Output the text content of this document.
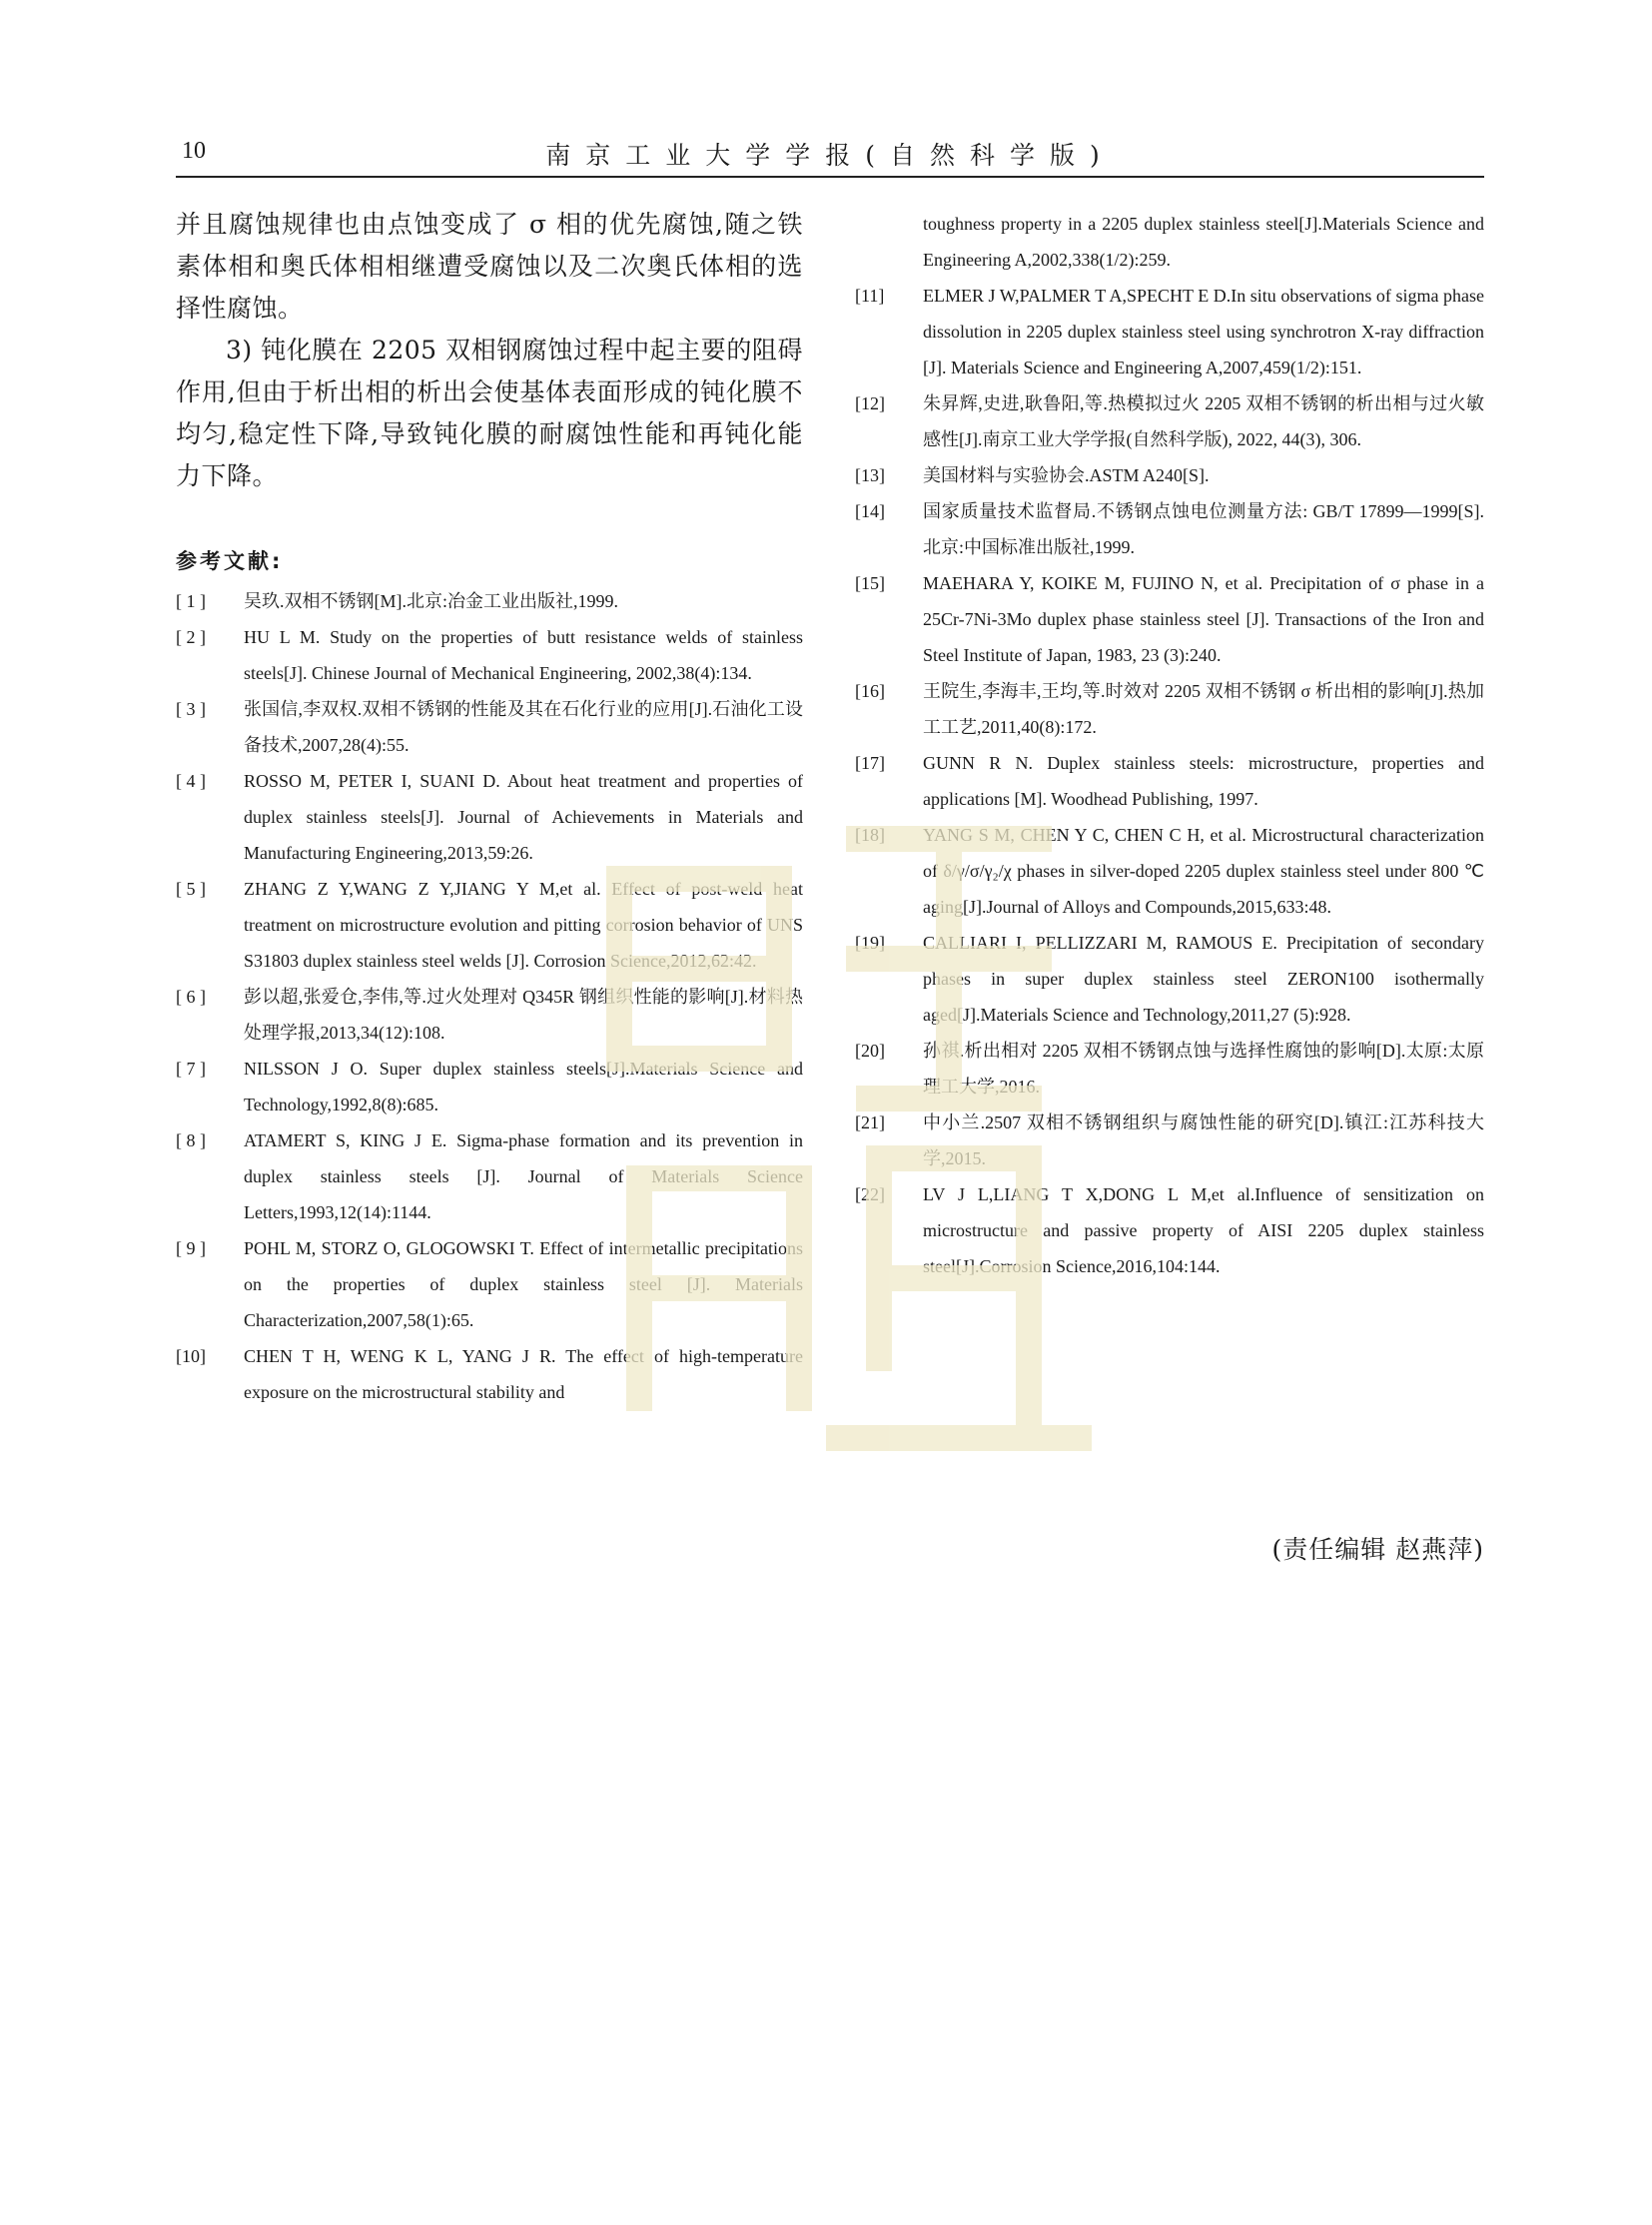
10	南京工业大学学报(自然科学版)

并且腐蚀规律也由点蚀变成了 σ 相的优先腐蚀,随之铁素体相和奥氏体相相继遭受腐蚀以及二次奥氏体相的选择性腐蚀。

3) 钝化膜在 2205 双相钢腐蚀过程中起主要的阻碍作用,但由于析出相的析出会使基体表面形成的钝化膜不均匀,稳定性下降,导致钝化膜的耐腐蚀性能和再钝化能力下降。

参考文献:
[ 1 ]	吴玖.双相不锈钢[M].北京:冶金工业出版社,1999.
[ 2 ]	HU L M. Study on the properties of butt resistance welds of stainless steels[J]. Chinese Journal of Mechanical Engineering, 2002,38(4):134.
[ 3 ]	张国信,李双权.双相不锈钢的性能及其在石化行业的应用[J].石油化工设备技术,2007,28(4):55.
[ 4 ]	ROSSO M, PETER I, SUANI D. About heat treatment and properties of duplex stainless steels[J]. Journal of Achievements in Materials and Manufacturing Engineering,2013,59:26.
[ 5 ]	ZHANG Z Y,WANG Z Y,JIANG Y M,et al. Effect of post-weld heat treatment on microstructure evolution and pitting corrosion behavior of UNS S31803 duplex stainless steel welds [J]. Corrosion Science,2012,62:42.
[ 6 ]	彭以超,张爱仓,李伟,等.过火处理对 Q345R 钢组织性能的影响[J].材料热处理学报,2013,34(12):108.
[ 7 ]	NILSSON J O. Super duplex stainless steels[J].Materials Science and Technology,1992,8(8):685.
[ 8 ]	ATAMERT S, KING J E. Sigma-phase formation and its prevention in duplex stainless steels [J]. Journal of Materials Science Letters,1993,12(14):1144.
[ 9 ]	POHL M, STORZ O, GLOGOWSKI T. Effect of intermetallic precipitations on the properties of duplex stainless steel [J]. Materials Characterization,2007,58(1):65.
[10]	CHEN T H, WENG K L, YANG J R. The effect of high-temperature exposure on the microstructural stability and
toughness property in a 2205 duplex stainless steel[J].Materials Science and Engineering A,2002,338(1/2):259.
[11]	ELMER J W,PALMER T A,SPECHT E D.In situ observations of sigma phase dissolution in 2205 duplex stainless steel using synchrotron X-ray diffraction [J]. Materials Science and Engineering A,2007,459(1/2):151.
[12]	朱昇辉,史进,耿鲁阳,等.热模拟过火 2205 双相不锈钢的析出相与过火敏感性[J].南京工业大学学报(自然科学版), 2022, 44(3), 306.
[13]	美国材料与实验协会.ASTM A240[S].
[14]	国家质量技术监督局.不锈钢点蚀电位测量方法: GB/T 17899—1999[S].北京:中国标准出版社,1999.
[15]	MAEHARA Y, KOIKE M, FUJINO N, et al. Precipitation of σ phase in a 25Cr-7Ni-3Mo duplex phase stainless steel [J]. Transactions of the Iron and Steel Institute of Japan, 1983, 23 (3):240.
[16]	王院生,李海丰,王均,等.时效对 2205 双相不锈钢 σ 析出相的影响[J].热加工工艺,2011,40(8):172.
[17]	GUNN R N. Duplex stainless steels: microstructure, properties and applications [M]. Woodhead Publishing, 1997.
[18]	YANG S M, CHEN Y C, CHEN C H, et al. Microstructural characterization of δ/γ/σ/γ₂/χ phases in silver-doped 2205 duplex stainless steel under 800 ℃ aging[J].Journal of Alloys and Compounds,2015,633:48.
[19]	CALLIARI I, PELLIZZARI M, RAMOUS E. Precipitation of secondary phases in super duplex stainless steel ZERON100 isothermally aged[J].Materials Science and Technology,2011,27 (5):928.
[20]	孙祺.析出相对 2205 双相不锈钢点蚀与选择性腐蚀的影响[D].太原:太原理工大学,2016.
[21]	中小兰.2507 双相不锈钢组织与腐蚀性能的研究[D].镇江:江苏科技大学,2015.
[22]	LV J L,LIANG T X,DONG L M,et al.Influence of sensitization on microstructure and passive property of AISI 2205 duplex stainless steel[J].Corrosion Science,2016,104:144.
(责任编辑 赵燕萍)
